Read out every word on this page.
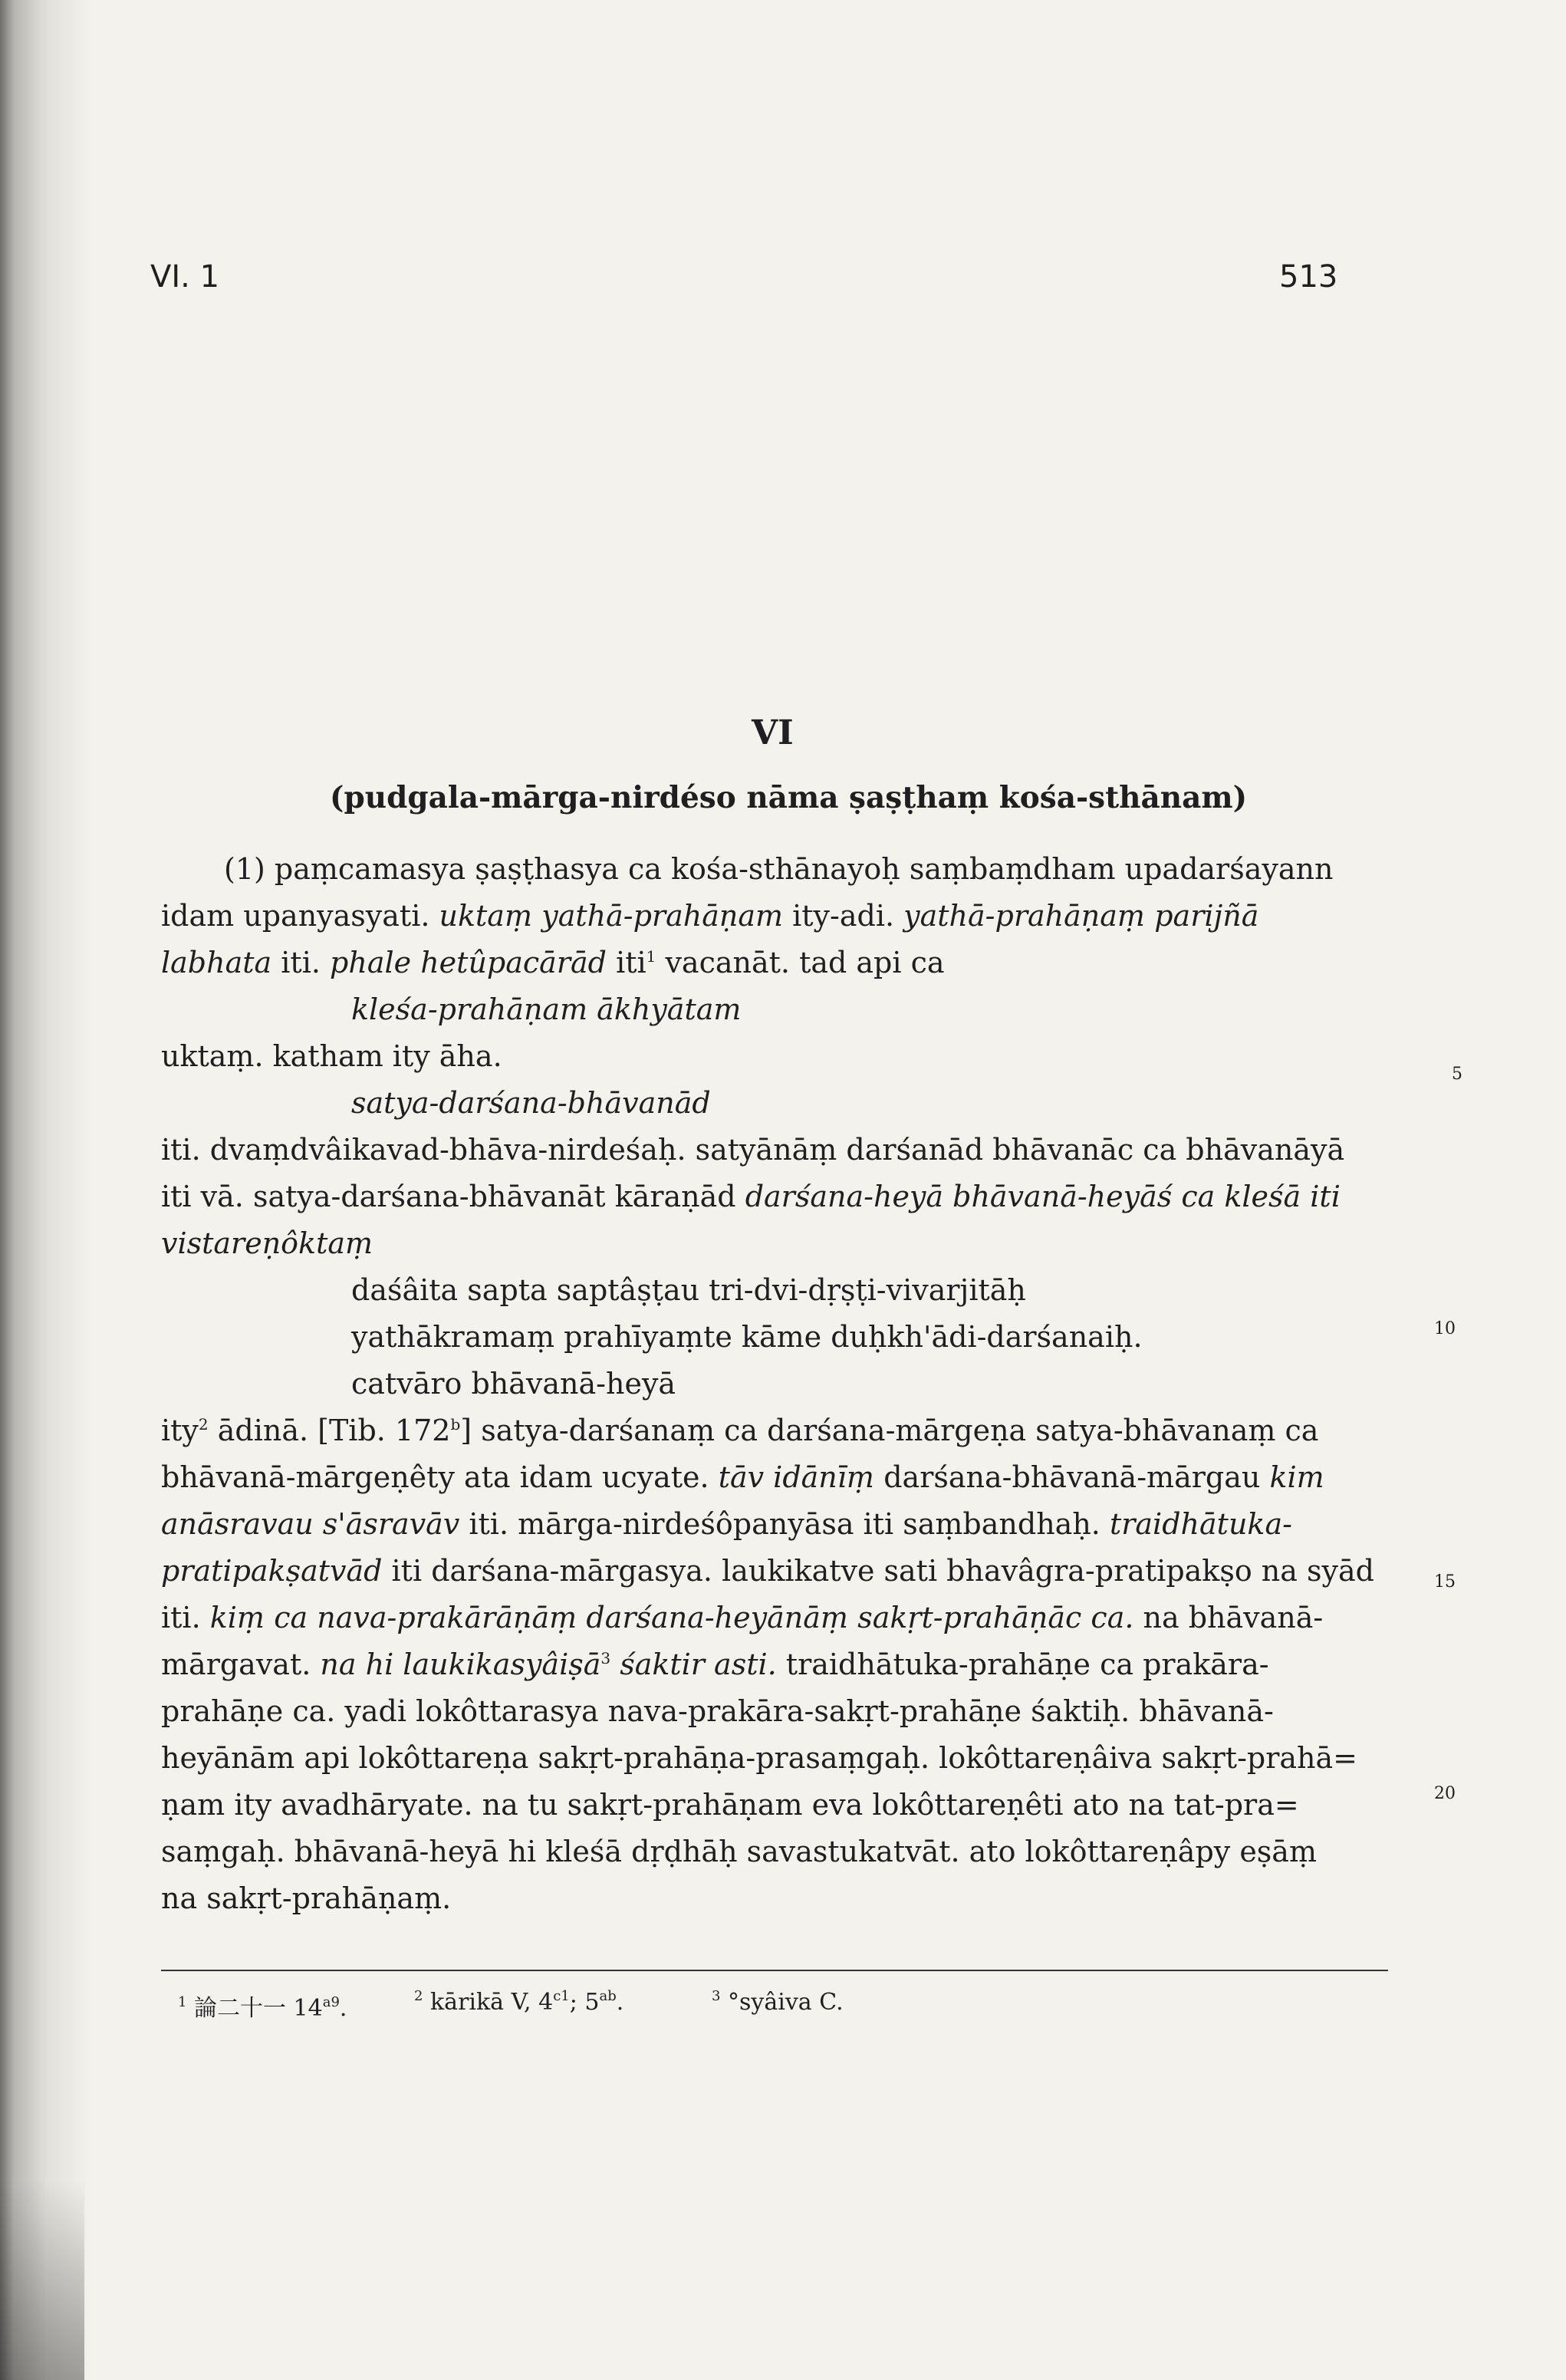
VI. 1	513
VI
(pudgala-mārga-nirdéso nāma ṣaṣṭhaṃ kośa-sthānam)
(1) paṃcamasya ṣaṣṭhasya ca kośa-sthānayoḥ saṃbaṃdham upadarśayann
idam upanyasyati. uktaṃ yathā-prahāṇam ity-adi. yathā-prahāṇaṃ parijñā
labhata iti. phale hetûpacārād iti$^1$ vacanāt. tad api ca
kleśa-prahāṇam ākhyātam
uktaṃ. katham ity āha.
satya-darśana-bhāvanād
iti. dvaṃdvâikavad-bhāva-nirdeśaḥ. satyānāṃ darśanād bhāvanāc ca bhāvanāyā
iti vā. satya-darśana-bhāvanāt kāraṇād darśana-heyā bhāvanā-heyāś ca kleśā iti
vistareṇôktaṃ
daśâita sapta saptâṣṭau tri-dvi-dṛṣṭi-vivarjitāḥ
yathākramaṃ prahīyaṃte kāme duḥkh'ādi-darśanaiḥ.
catvāro bhāvanā-heyā
ity$^2$ ādinā. [Tib. 172$^b$] satya-darśanaṃ ca darśana-mārgeṇa satya-bhāvanaṃ ca
bhāvanā-mārgeṇêty ata idam ucyate. tāv idānīṃ darśana-bhāvanā-mārgau kim
anāsravau s'āsravāv iti. mārga-nirdeśôpanyāsa iti saṃbandhaḥ. traidhātuka-
pratipakṣatvād iti darśana-mārgasya. laukikatve sati bhavâgra-pratipakṣo na syād
iti. kiṃ ca nava-prakārāṇāṃ darśana-heyānāṃ sakṛt-prahāṇāc ca. na bhāvanā-
mārgavat. na hi laukikasyâiṣā$^3$ śaktir asti. traidhātuka-prahāṇe ca prakāra-
prahāṇe ca. yadi lokôttarasya nava-prakāra-sakṛt-prahāṇe śaktiḥ. bhāvanā-
heyānām api lokôttareṇa sakṛt-prahāṇa-prasaṃgaḥ. lokôttareṇâiva sakṛt-prahā=
ṇam ity avadhāryate. na tu sakṛt-prahāṇam eva lokôttareṇêti ato na tat-pra=
saṃgaḥ. bhāvanā-heyā hi kleśā dṛḍhāḥ savastukatvāt. ato lokôttareṇâpy eṣāṃ
na sakṛt-prahāṇaṃ.
5
10
15
20
$^1$ 論二十一 $14^{a9}$.	$^2$ kārikā V, $4^{c1}$; $5^{ab}$.	$^3$ °syâiva C.
